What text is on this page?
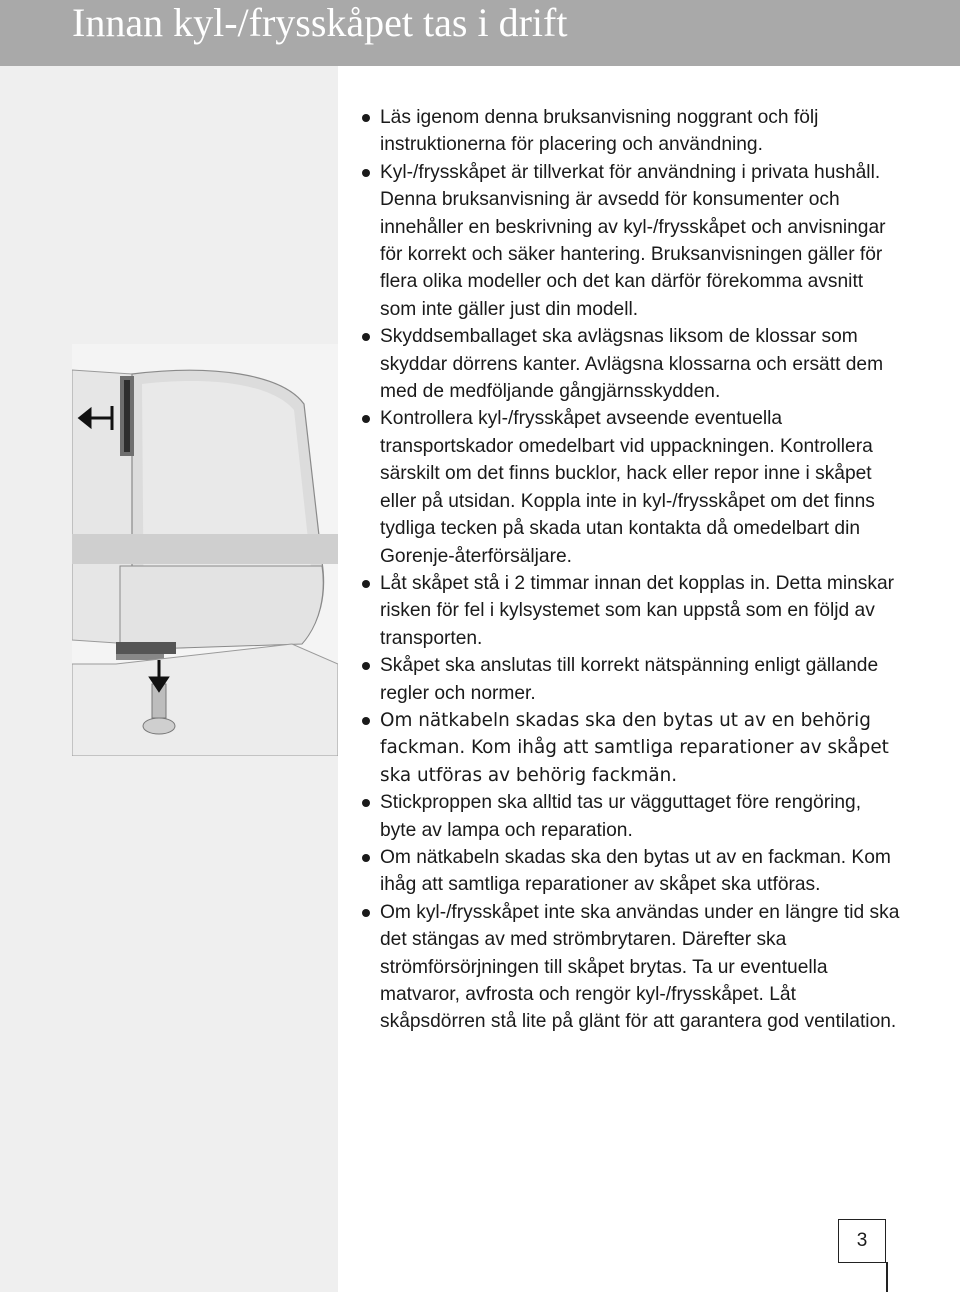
Innan kyl-/frysskåpet tas i drift
Läs igenom denna bruksanvisning noggrant och följ instruktionerna för placering och användning.
Kyl-/frysskåpet är tillverkat för användning i privata hushåll. Denna bruksanvisning är avsedd för konsumenter och innehåller en beskrivning av kyl-/frysskåpet och anvisningar för korrekt och säker hantering. Bruksanvisningen gäller för flera olika modeller och det kan därför förekomma avsnitt som inte gäller just din modell.
Skyddsemballaget ska avlägsnas liksom de klossar som skyddar dörrens kanter. Avlägsna klossarna och ersätt dem med de medföljande gångjärnsskydden.
Kontrollera kyl-/frysskåpet avseende eventuella transportskador omedelbart vid uppackningen. Kontrollera särskilt om det finns bucklor, hack eller repor inne i skåpet eller på utsidan. Koppla inte in kyl-/frysskåpet om det finns tydliga tecken på skada utan kontakta då omedelbart din Gorenje-återförsäljare.
Låt skåpet stå i 2 timmar innan det kopplas in. Detta minskar risken för fel i kylsystemet som kan uppstå som en följd av transporten.
Skåpet ska anslutas till korrekt nätspänning enligt gällande regler och normer.
Om nätkabeln skadas ska den bytas ut av en behörig fackman. Kom ihåg att samtliga reparationer av skåpet ska utföras av behörig fackmän.
Stickproppen ska alltid tas ur vägguttaget före rengöring, byte av lampa och reparation.
Om nätkabeln skadas ska den bytas ut av en fackman. Kom ihåg att samtliga reparationer av skåpet ska utföras.
Om kyl-/frysskåpet inte ska användas under en längre tid ska det stängas av med strömbrytaren. Därefter ska strömförsörjningen till skåpet brytas. Ta ur eventuella matvaror, avfrosta och rengör kyl-/frysskåpet. Låt skåpsdörren stå lite på glänt för att garantera god ventilation.
3
